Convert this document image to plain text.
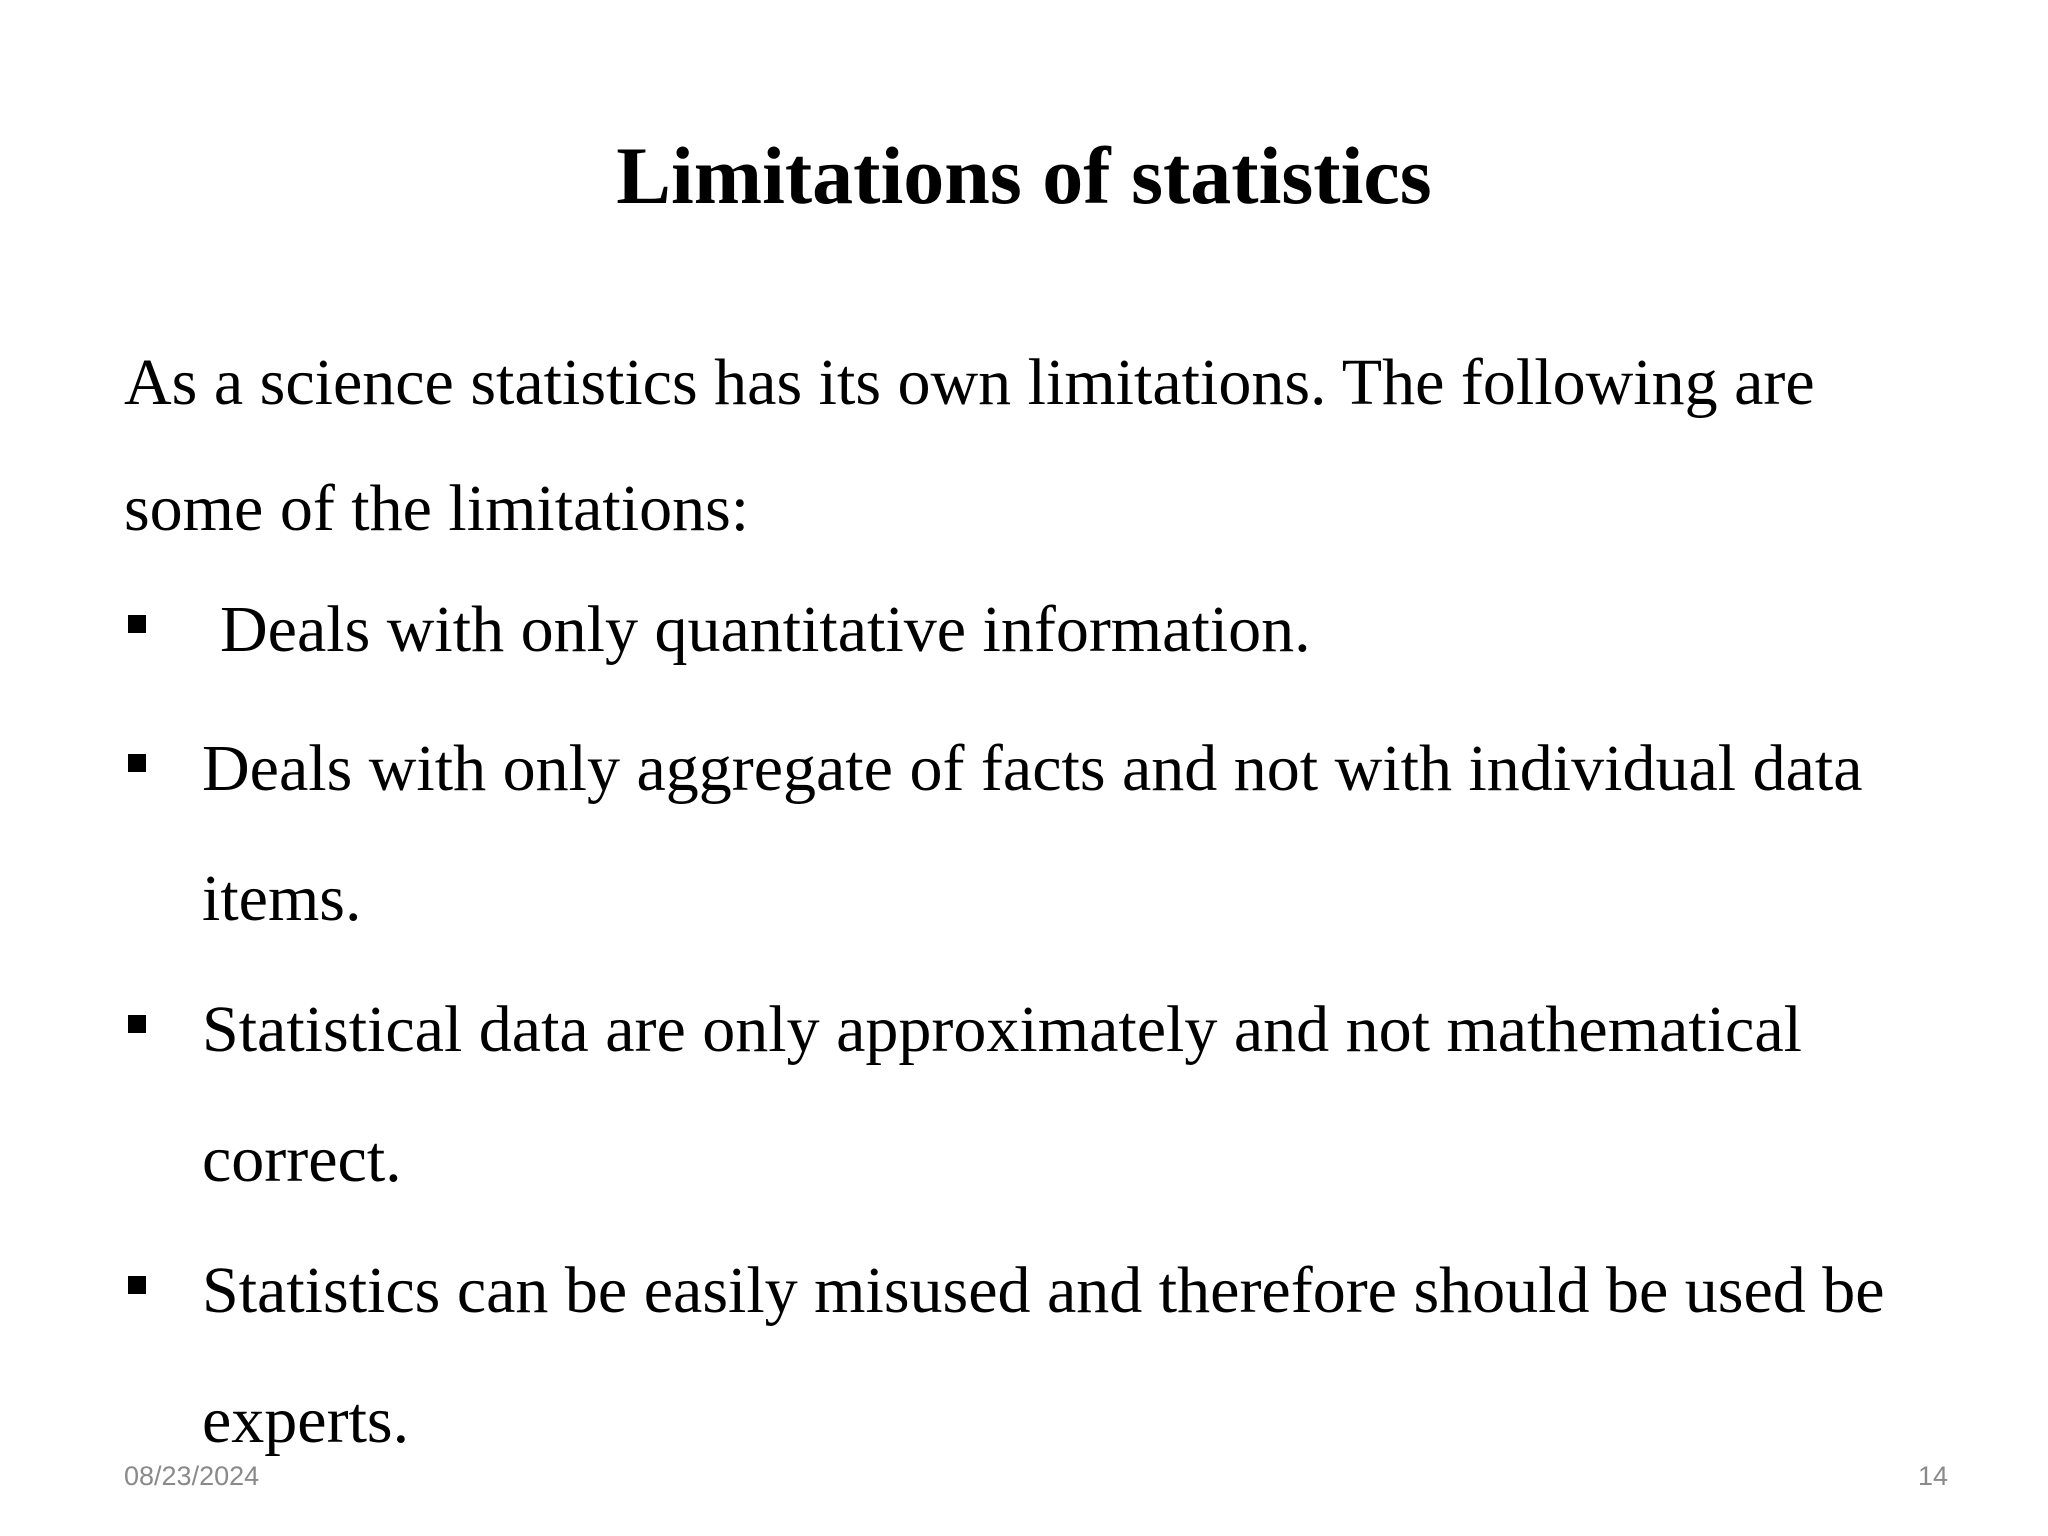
Limitations of statistics
As a science statistics has its own limitations. The following are some of the limitations:
Deals with only quantitative information.
Deals with only aggregate of facts and not with individual data items.
Statistical data are only approximately and not mathematical correct.
Statistics can be easily misused and therefore should be used be experts.
08/23/2024	14
